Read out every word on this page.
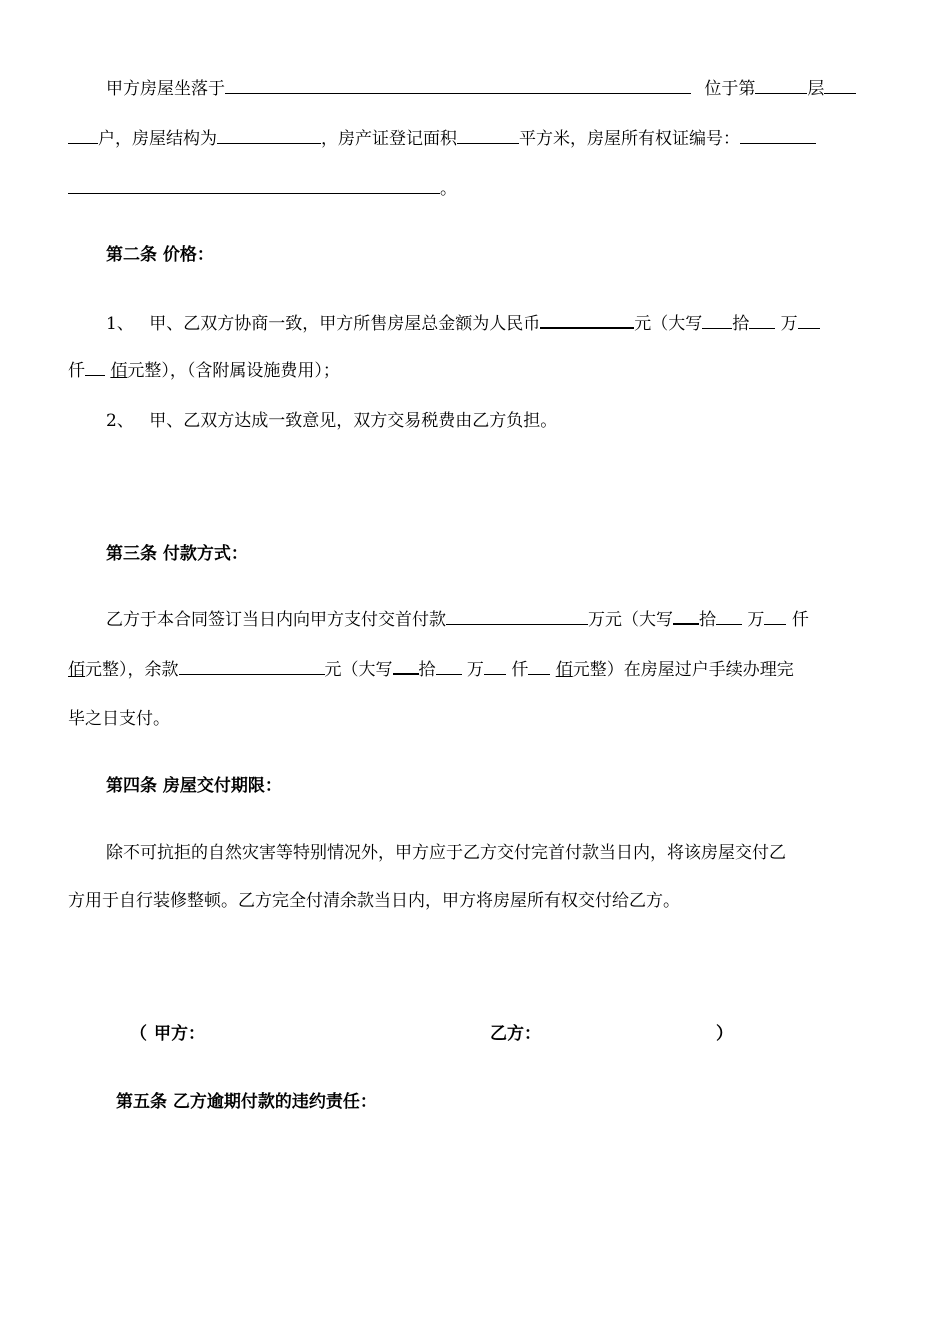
甲方房屋坐落于	位于第	层
户，房屋结构为	，房产证登记面积	平方米，房屋所有权证编号：
。
第二条 价格：
1、 甲、乙双方协商一致，甲方所售房屋总金额为人民币	元（大写 拾 万
仟 佰元整），（含附属设施费用）；
2、 甲、乙双方达成一致意见，双方交易税费由乙方负担。
第三条 付款方式：
乙方于本合同签订当日内向甲方支付交首付款	万元（大写 拾 万 仟
佰元整），余款	元（大写 拾 万 仟 佰元整）在房屋过户手续办理完
毕之日支付。
第四条 房屋交付期限：
除不可抗拒的自然灾害等特别情况外，甲方应于乙方交付完首付款当日内，将该房屋交付乙
方用于自行装修整顿。乙方完全付清余款当日内，甲方将房屋所有权交付给乙方。
（ 甲方：	乙方：	）
第五条 乙方逾期付款的违约责任：
